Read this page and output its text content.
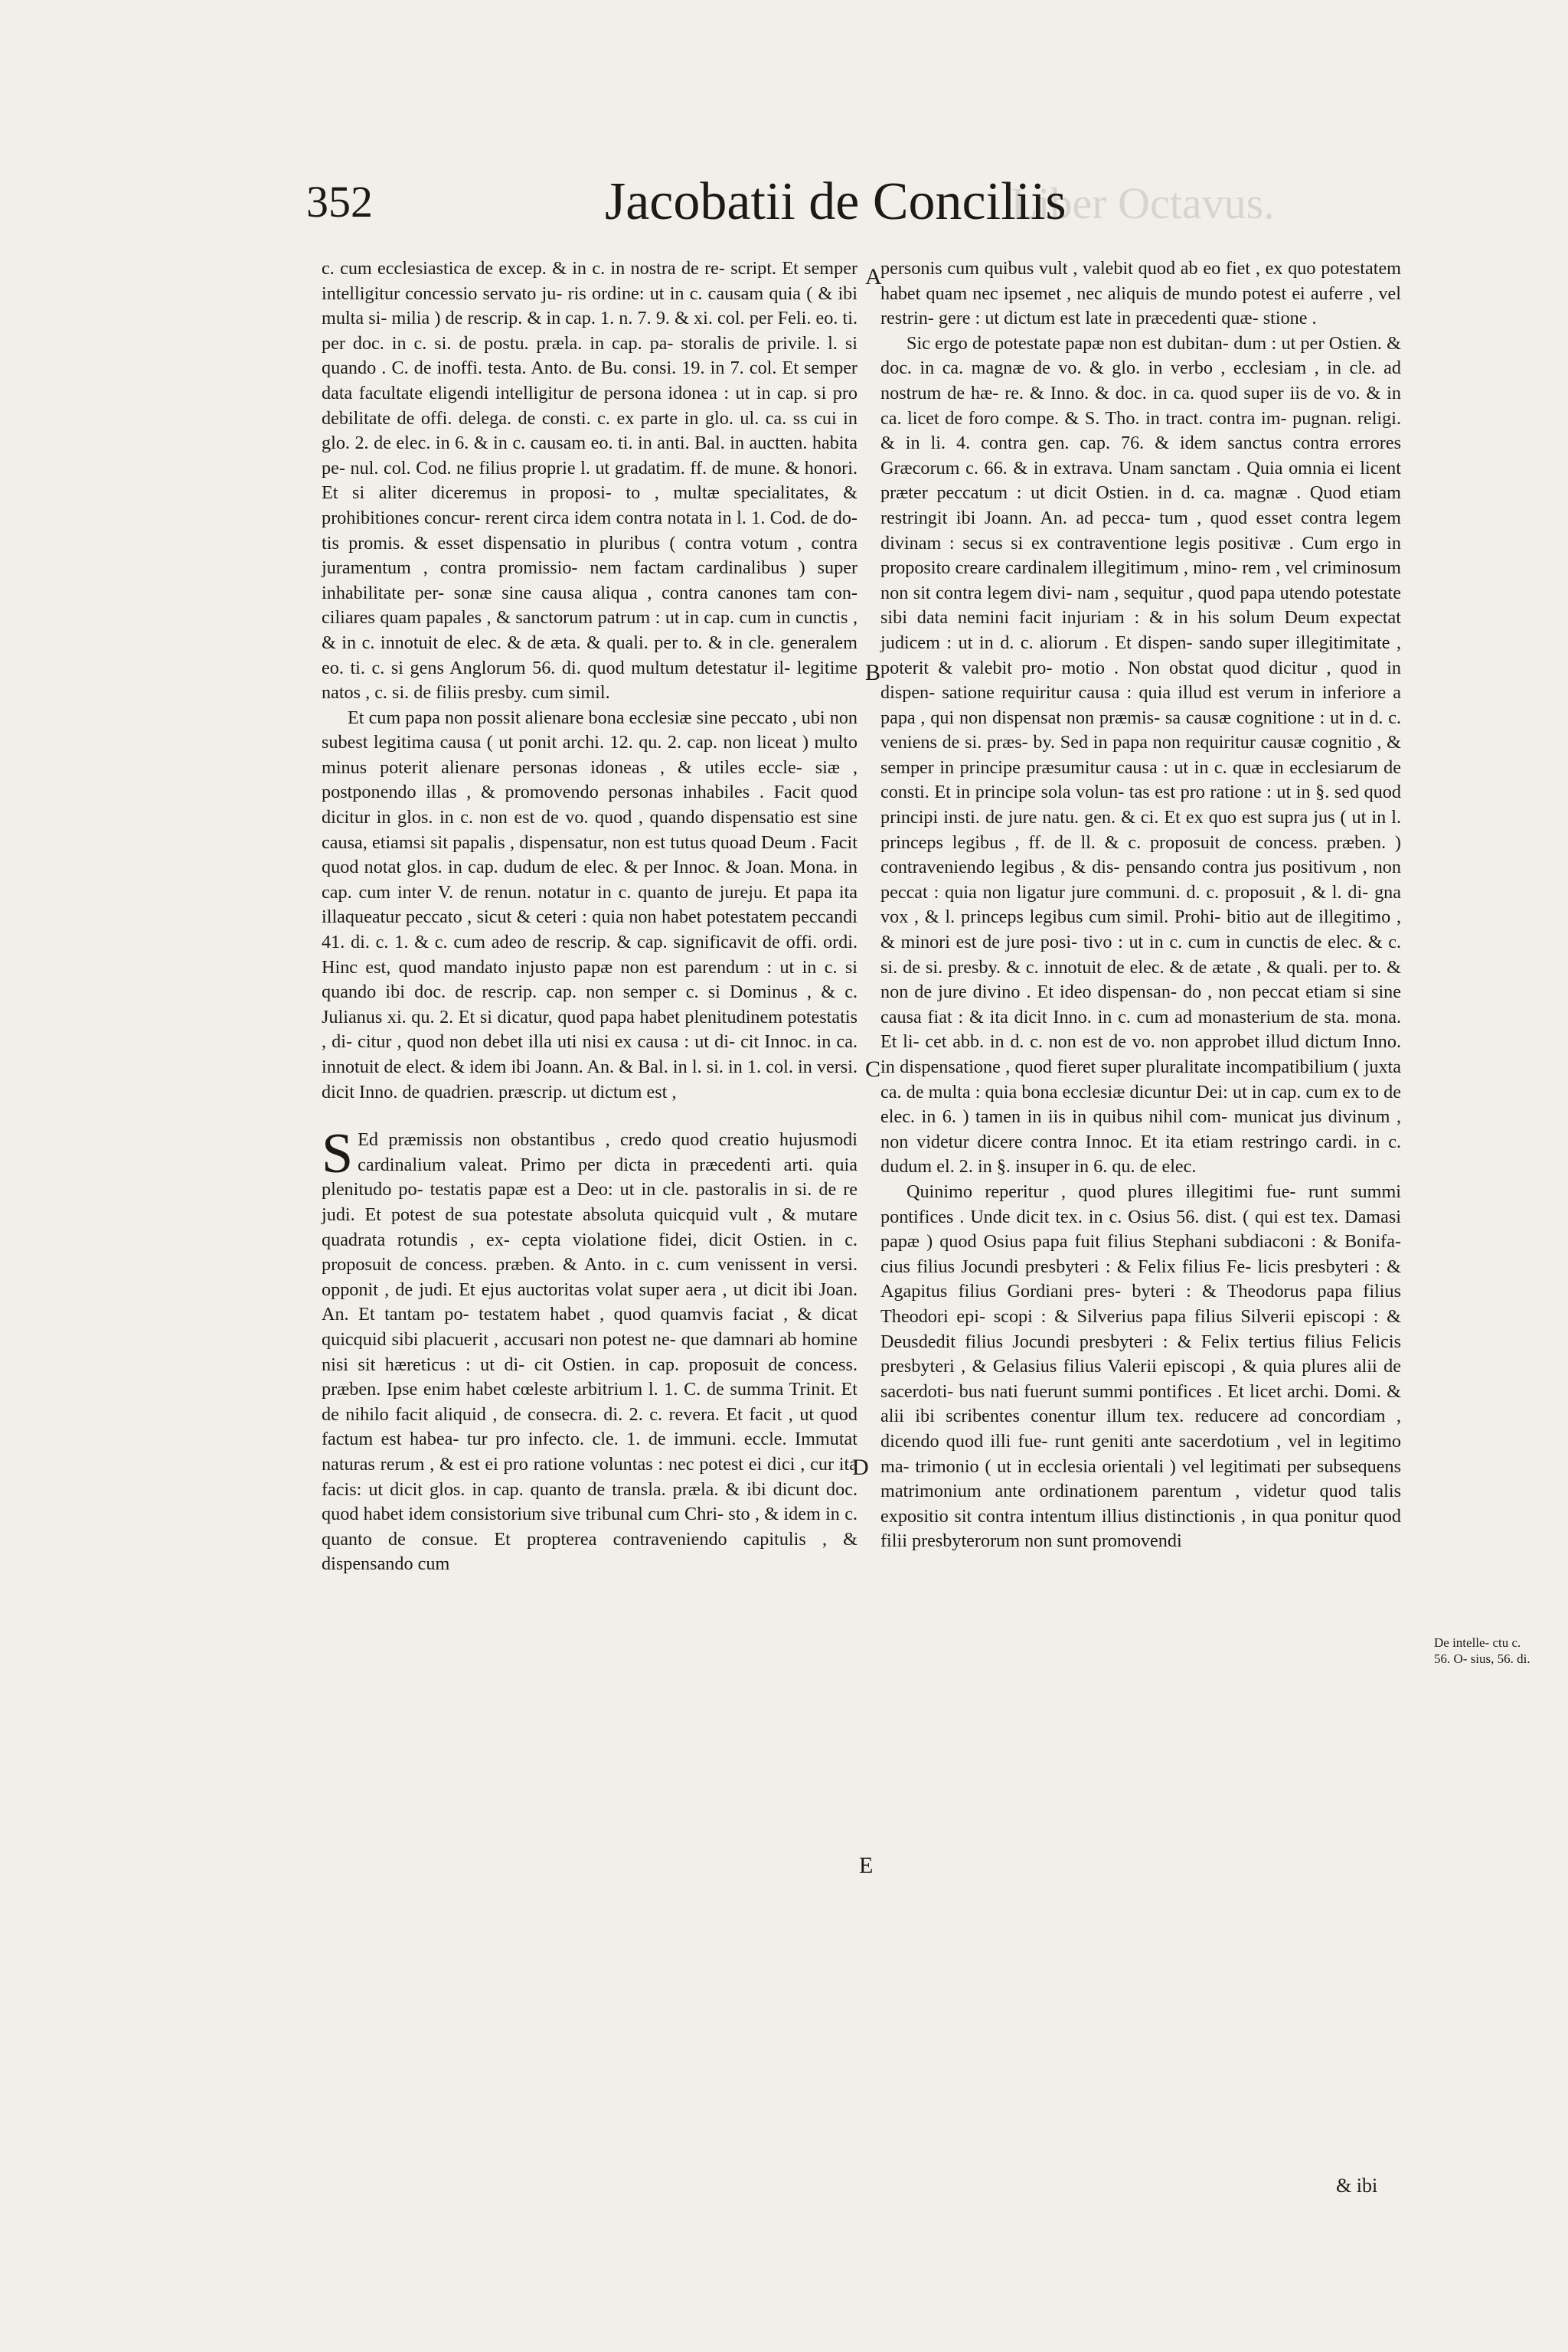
Liber Octavus.
352	Jacobatii de Conciliis

c. cum ecclesiastica de excep. & in c. in nostra de re- script. Et semper intelligitur concessio servato ju- ris ordine: ut in c. causam quia ( & ibi multa si- milia ) de rescrip. & in cap. 1. n. 7. 9. & xi. col. per Feli. eo. ti. per doc. in c. si. de postu. præla. in cap. pa- storalis de privile. l. si quando . C. de inoffi. testa. Anto. de Bu. consi. 19. in 7. col. Et semper data facultate eligendi intelligitur de persona idonea : ut in cap. si pro debilitate de offi. delega. de consti. c. ex parte in glo. ul. ca. ss cui in glo. 2. de elec. in 6. & in c. causam eo. ti. in anti. Bal. in auctten. habita pe- nul. col. Cod. ne filius proprie l. ut gradatim. ff. de mune. & honori. Et si aliter diceremus in proposi- to , multæ specialitates, & prohibitiones concur- rerent circa idem contra notata in l. 1. Cod. de do- tis promis. & esset dispensatio in pluribus ( contra votum , contra juramentum , contra promissio- nem factam cardinalibus ) super inhabilitate per- sonæ sine causa aliqua , contra canones tam con- ciliares quam papales , & sanctorum patrum : ut in cap. cum in cunctis , & in c. innotuit de elec. & de æta. & quali. per to. & in cle. generalem eo. ti. c. si gens Anglorum 56. di. quod multum detestatur il- legitime natos , c. si. de filiis presby. cum simil.

Et cum papa non possit alienare bona ecclesiæ sine peccato , ubi non subest legitima causa ( ut ponit archi. 12. qu. 2. cap. non liceat ) multo minus poterit alienare personas idoneas , & utiles eccle- siæ , postponendo illas , & promovendo personas inhabiles . Facit quod dicitur in glos. in c. non est de vo. quod , quando dispensatio est sine causa, etiamsi sit papalis , dispensatur, non est tutus quoad Deum . Facit quod notat glos. in cap. dudum de elec. & per Innoc. & Joan. Mona. in cap. cum inter V. de renun. notatur in c. quanto de jureju. Et papa ita illaqueatur peccato , sicut & ceteri : quia non habet potestatem peccandi 41. di. c. 1. & c. cum adeo de rescrip. & cap. significavit de offi. ordi. Hinc est, quod mandato injusto papæ non est parendum : ut in c. si quando ibi doc. de rescrip. cap. non semper c. si Dominus , & c. Julianus xi. qu. 2. Et si dicatur, quod papa habet plenitudinem potestatis , di- citur , quod non debet illa uti nisi ex causa : ut di- cit Innoc. in ca. innotuit de elect. & idem ibi Joann. An. & Bal. in l. si. in 1. col. in versi. dicit Inno. de quadrien. præscrip. ut dictum est ,

S Ed præmissis non obstantibus , credo quod creatio hujusmodi cardinalium valeat. Primo per dicta in præcedenti arti. quia plenitudo po- testatis papæ est a Deo: ut in cle. pastoralis in si. de re judi. Et potest de sua potestate absoluta quicquid vult , & mutare quadrata rotundis , ex- cepta violatione fidei, dicit Ostien. in c. proposuit de concess. præben. & Anto. in c. cum venissent in versi. opponit , de judi. Et ejus auctoritas volat super aera , ut dicit ibi Joan. An. Et tantam po- testatem habet , quod quamvis faciat , & dicat quicquid sibi placuerit , accusari non potest ne- que damnari ab homine nisi sit hæreticus : ut di- cit Ostien. in cap. proposuit de concess. præben. Ipse enim habet cœleste arbitrium l. 1. C. de summa Trinit. Et de nihilo facit aliquid , de consecra. di. 2. c. revera. Et facit , ut quod factum est habea- tur pro infecto. cle. 1. de immuni. eccle. Immutat naturas rerum , & est ei pro ratione voluntas : nec potest ei dici , cur ita facis: ut dicit glos. in cap. quanto de transla. præla. & ibi dicunt doc. quod habet idem consistorium sive tribunal cum Chri- sto , & idem in c. quanto de consue. Et propterea contraveniendo capitulis , & dispensando cum

personis cum quibus vult , valebit quod ab eo fiet , ex quo potestatem habet quam nec ipsemet , nec aliquis de mundo potest ei auferre , vel restrin- gere : ut dictum est late in præcedenti quæ- stione .

Sic ergo de potestate papæ non est dubitan- dum : ut per Ostien. & doc. in ca. magnæ de vo. & glo. in verbo , ecclesiam , in cle. ad nostrum de hæ- re. & Inno. & doc. in ca. quod super iis de vo. & in ca. licet de foro compe. & S. Tho. in tract. contra im- pugnan. religi. & in li. 4. contra gen. cap. 76. & idem sanctus contra errores Græcorum c. 66. & in extrava. Unam sanctam . Quia omnia ei licent præter peccatum : ut dicit Ostien. in d. ca. magnæ . Quod etiam restringit ibi Joann. An. ad pecca- tum , quod esset contra legem divinam : secus si ex contraventione legis positivæ . Cum ergo in proposito creare cardinalem illegitimum , mino- rem , vel criminosum non sit contra legem divi- nam , sequitur , quod papa utendo potestate sibi data nemini facit injuriam : & in his solum Deum expectat judicem : ut in d. c. aliorum . Et dispen- sando super illegitimitate , poterit & valebit pro- motio . Non obstat quod dicitur , quod in dispen- satione requiritur causa : quia illud est verum in inferiore a papa , qui non dispensat non præmis- sa causæ cognitione : ut in d. c. veniens de si. præs- by. Sed in papa non requiritur causæ cognitio , & semper in principe præsumitur causa : ut in c. quæ in ecclesiarum de consti. Et in principe sola volun- tas est pro ratione : ut in §. sed quod principi insti. de jure natu. gen. & ci. Et ex quo est supra jus ( ut in l. princeps legibus , ff. de ll. & c. proposuit de concess. præben. ) contraveniendo legibus , & dis- pensando contra jus positivum , non peccat : quia non ligatur jure communi. d. c. proposuit , & l. di- gna vox , & l. princeps legibus cum simil. Prohi- bitio aut de illegitimo , & minori est de jure posi- tivo : ut in c. cum in cunctis de elec. & c. si. de si. presby. & c. innotuit de elec. & de ætate , & quali. per to. & non de jure divino . Et ideo dispensan- do , non peccat etiam si sine causa fiat : & ita dicit Inno. in c. cum ad monasterium de sta. mona. Et li- cet abb. in d. c. non est de vo. non approbet illud dictum Inno. in dispensatione , quod fieret super pluralitate incompatibilium ( juxta ca. de multa : quia bona ecclesiæ dicuntur Dei: ut in cap. cum ex to de elec. in 6. ) tamen in iis in quibus nihil com- municat jus divinum , non videtur dicere contra Innoc. Et ita etiam restringo cardi. in c. dudum el. 2. in §. insuper in 6. qu. de elec.

Quinimo reperitur , quod plures illegitimi fue- runt summi pontifices . Unde dicit tex. in c. Osius 56. dist. ( qui est tex. Damasi papæ ) quod Osius papa fuit filius Stephani subdiaconi : & Bonifa- cius filius Jocundi presbyteri : & Felix filius Fe- licis presbyteri : & Agapitus filius Gordiani pres- byteri : & Theodorus papa filius Theodori epi- scopi : & Silverius papa filius Silverii episcopi : & Deusdedit filius Jocundi presbyteri : & Felix tertius filius Felicis presbyteri , & Gelasius filius Valerii episcopi , & quia plures alii de sacerdoti- bus nati fuerunt summi pontifices . Et licet archi. Domi. & alii ibi scribentes conentur illum tex. reducere ad concordiam , dicendo quod illi fue- runt geniti ante sacerdotium , vel in legitimo ma- trimonio ( ut in ecclesia orientali ) vel legitimati per subsequens matrimonium ante ordinationem parentum , videtur quod talis expositio sit contra intentum illius distinctionis , in qua ponitur quod filii presbyterorum non sunt promovendi

A
B
C
D
E
De intelle- ctu c. 56. O- sius, 56. di.
& ibi
